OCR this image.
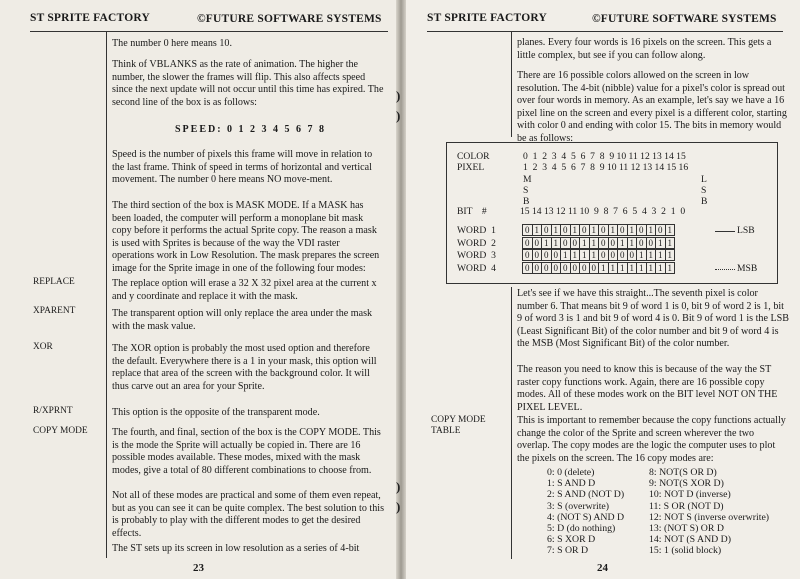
ST SPRITE FACTORY	©FUTURE SOFTWARE SYSTEMS
The number 0 here means 10.
Think of VBLANKS as the rate of animation. The higher the number, the slower the frames will flip. This also affects speed since the next update will not occur until this time has expired. The second line of the box is as follows:
SPEED: 0 1 2 3 4 5 6 7 8
Speed is the number of pixels this frame will move in relation to the last frame. Think of speed in terms of horizontal and vertical movement. The number 0 here means NO move-ment.
The third section of the box is MASK MODE. If a MASK has been loaded, the computer will perform a monoplane bit mask copy before it performs the actual Sprite copy. The reason a mask is used with Sprites is because of the way the VDI raster operations work in Low Resolution. The mask prepares the screen image for the Sprite image in one of the following four modes:
REPLACE	The replace option will erase a 32 X 32 pixel area at the current x and y coordinate and replace it with the mask.
XPARENT	The transparent option will only replace the area under the mask with the mask value.
XOR	The XOR option is probably the most used option and therefore the default. Everywhere there is a 1 in your mask, this option will replace that area of the screen with the background color. It will thus carve out an area for your Sprite.
R/XPRNT	This option is the opposite of the transparent mode.
COPY MODE The fourth, and final, section of the box is the COPY MODE. This is the mode the Sprite will actually be copied in. There are 16 possible modes available. These modes, mixed with the mask modes, give a total of 80 different combinations to choose from.
Not all of these modes are practical and some of them even repeat, but as you can see it can be quite complex. The best solution to this is probably to play with the different modes to get the desired effects.
The ST sets up its screen in low resolution as a series of 4-bit
23
ST SPRITE FACTORY	©FUTURE SOFTWARE SYSTEMS
planes. Every four words is 16 pixels on the screen. This gets a little complex, but see if you can follow along.
There are 16 possible colors allowed on the screen in low resolution. The 4-bit (nibble) value for a pixel's color is spread out over four words in memory. As an example, let's say we have a 16 pixel line on the screen and every pixel is a different color, starting with color 0 and ending with color 15. The bits in memory would be as follows:
24
COLOR	0  1  2  3  4  5  6  7  8  9 10 11 12 13 14 15
PIXEL	1  2  3  4  5  6  7  8  9 10 11 12 13 14 15 16
M
S
B
L
S
B
BIT    #	15 14 13 12 11 10  9  8  7  6  5  4  3  2  1  0
WORD  1	0 1 0 1 0 1 0 1 0 1 0 1 0 1 0 1
WORD  2	0 0 1 1 0 0 1 1 0 0 1 1 0 0 1 1
WORD  3	0 0 0 0 1 1 1 1 0 0 0 0 1 1 1 1
WORD  4	0 0 0 0 0 0 0 0 1 1 1 1 1 1 1 1
LSB
MSB
Let's see if we have this straight...The seventh pixel is color number 6. That means bit 9 of word 1 is 0, bit 9 of word 2 is 1, bit 9 of word 3 is 1 and bit 9 of word 4 is 0. Bit 9 of word 1 is the LSB (Least Significant Bit) of the color number and bit 9 of word 4 is the MSB (Most Significant Bit) of the color number.
The reason you need to know this is because of the way the ST raster copy functions work. Again, there are 16 possible copy modes. All of these modes work on the BIT level NOT ON THE PIXEL LEVEL.
COPY MODE
TABLE
This is important to remember because the copy functions actually change the color of the Sprite and screen wherever the two overlap. The copy modes are the logic the computer uses to plot the pixels on the screen. The 16 copy modes are:
0: 0 (delete)
1: S AND D
2: S AND (NOT D)
3: S (overwrite)
4: (NOT S) AND D
5: D (do nothing)
6: S XOR D
7: S OR D
8: NOT(S OR D)
9: NOT(S XOR D)
10: NOT D (inverse)
11: S OR (NOT D)
12: NOT S (inverse overwrite)
13: (NOT S) OR D
14: NOT (S AND D)
15: 1 (solid block)
)
)
)
)
